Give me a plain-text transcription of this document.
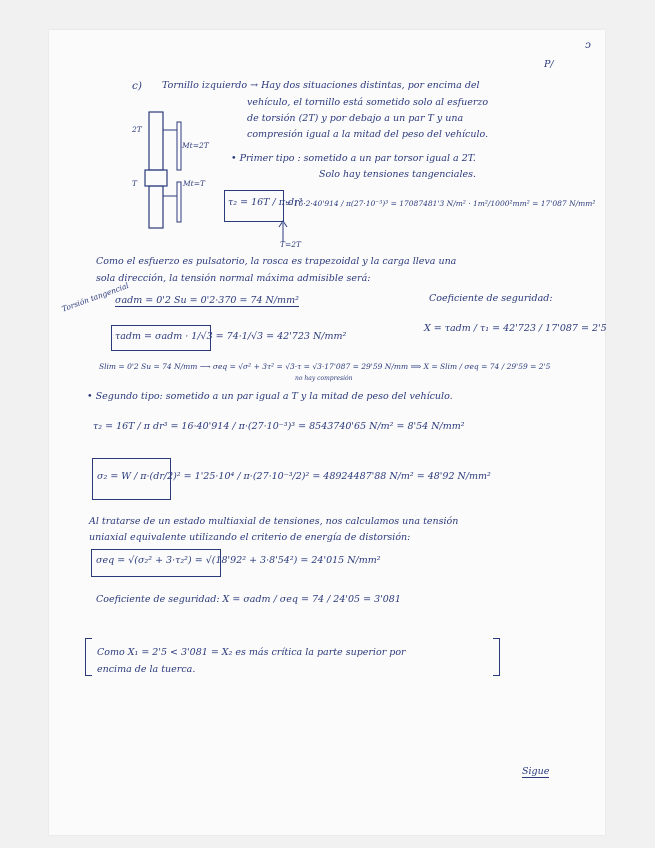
ↄ
P/
c) Tornillo izquierdo → Hay dos situaciones distintas, por encima del
vehículo, el tornillo está sometido solo al esfuerzo
de torsión (2T) y por debajo a un par T y una
compresión igual a la mitad del peso del vehículo.
2T
Mt=2T
T	Mt=T
• Primer tipo : sometido a un par torsor igual a 2T.
Solo hay tensiones tangenciales.
τ₂ = 16T / π·dr³
= 16·2·40'914 / π(27·10⁻³)³ = 17087481'3 N/m² · 1m²/1000²mm² = 17'087 N/mm²
T=2T
Como el esfuerzo es pulsatorio, la rosca es trapezoidal y la carga lleva una
sola dirección, la tensión normal máxima admisible será:
σadm = 0'2 Su = 0'2·370 = 74 N/mm²
Torsión tangencial	Coeficiente de seguridad:
τadm = σadm · 1/√3 = 74·1/√3 = 42'723 N/mm²
X = τadm / τ₁ = 42'723 / 17'087 = 2'5
Slim = 0'2 Su = 74 N/mm ⟶ σeq = √σ² + 3τ² = √3·τ = √3·17'087 = 29'59 N/mm ⟹ X = Slim / σeq = 74 / 29'59 = 2'5
no hay compresión
• Segundo tipo: sometido a un par igual a T y la mitad de peso del vehículo.
τ₂ = 16T / π dr³ = 16·40'914 / π·(27·10⁻³)³ = 8543740'65 N/m² = 8'54 N/mm²
σ₂ = W / π·(dr/2)² = 1'25·10⁴ / π·(27·10⁻³/2)² = 48924487'88 N/m² = 48'92 N/mm²
Al tratarse de un estado multiaxial de tensiones, nos calculamos una tensión
uniaxial equivalente utilizando el criterio de energía de distorsión:
σeq = √(σ₂² + 3·τ₂²) = √(18'92² + 3·8'54²) = 24'015 N/mm²
Coeficiente de seguridad: X = σadm / σeq = 74 / 24'05 = 3'081
Como X₁ = 2'5 < 3'081 = X₂ es más crítica la parte superior por
encima de la tuerca.
Sigue
